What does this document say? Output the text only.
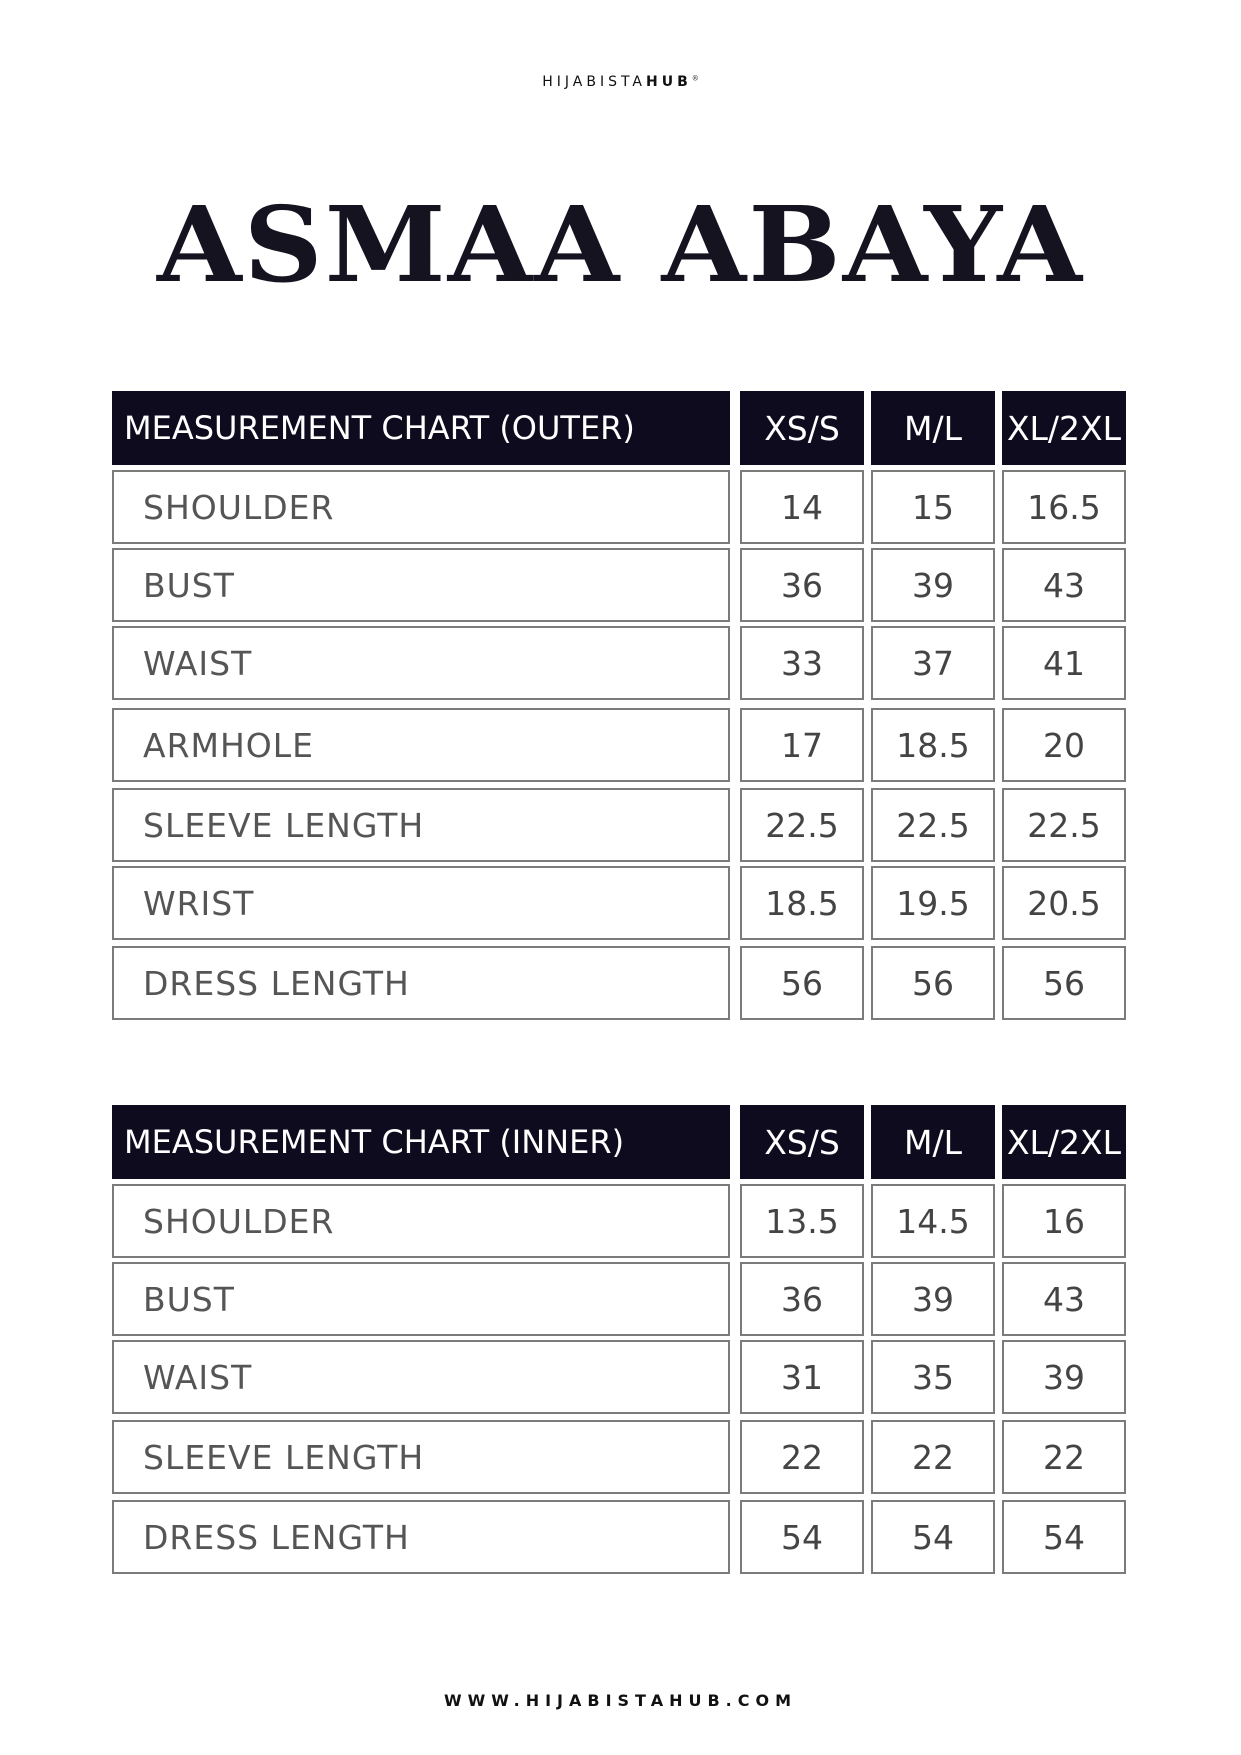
HIJABISTAHUB®
ASMAA ABAYA
MEASUREMENT CHART (OUTER)	XS/S	M/L	XL/2XL
SHOULDER	14	15	16.5
BUST	36	39	43
WAIST	33	37	41
ARMHOLE	17	18.5	20
SLEEVE LENGTH	22.5	22.5	22.5
WRIST	18.5	19.5	20.5
DRESS LENGTH	56	56	56
MEASUREMENT CHART (INNER)	XS/S	M/L	XL/2XL
SHOULDER	13.5	14.5	16
BUST	36	39	43
WAIST	31	35	39
SLEEVE LENGTH	22	22	22
DRESS LENGTH	54	54	54
WWW.HIJABISTAHUB.COM
